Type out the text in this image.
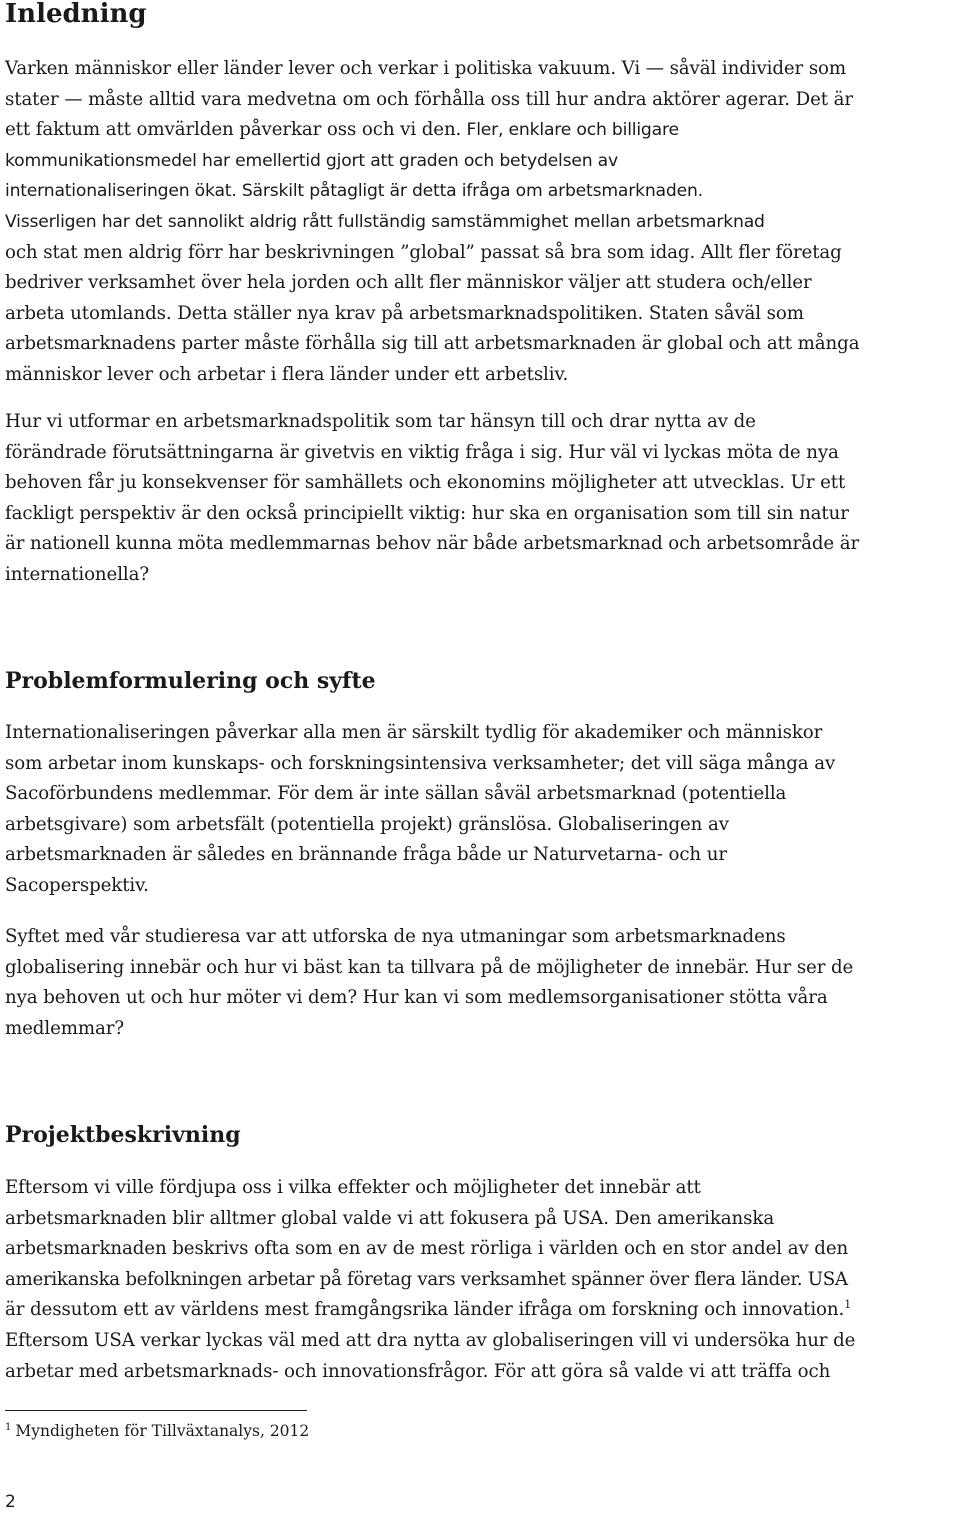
Inledning

Varken människor eller länder lever och verkar i politiska vakuum. Vi — såväl individer som
stater — måste alltid vara medvetna om och förhålla oss till hur andra aktörer agerar. Det är
ett faktum att omvärlden påverkar oss och vi den. Fler, enklare och billigare
kommunikationsmedel har emellertid gjort att graden och betydelsen av
internationaliseringen ökat. Särskilt påtagligt är detta ifråga om arbetsmarknaden.
Visserligen har det sannolikt aldrig rått fullständig samstämmighet mellan arbetsmarknad
och stat men aldrig förr har beskrivningen ”global” passat så bra som idag. Allt fler företag
bedriver verksamhet över hela jorden och allt fler människor väljer att studera och/eller
arbeta utomlands. Detta ställer nya krav på arbetsmarknadspolitiken. Staten såväl som
arbetsmarknadens parter måste förhålla sig till att arbetsmarknaden är global och att många
människor lever och arbetar i flera länder under ett arbetsliv.

Hur vi utformar en arbetsmarknadspolitik som tar hänsyn till och drar nytta av de
förändrade förutsättningarna är givetvis en viktig fråga i sig. Hur väl vi lyckas möta de nya
behoven får ju konsekvenser för samhällets och ekonomins möjligheter att utvecklas. Ur ett
fackligt perspektiv är den också principiellt viktig: hur ska en organisation som till sin natur
är nationell kunna möta medlemmarnas behov när både arbetsmarknad och arbetsområde är
internationella?

Problemformulering och syfte

Internationaliseringen påverkar alla men är särskilt tydlig för akademiker och människor
som arbetar inom kunskaps- och forskningsintensiva verksamheter; det vill säga många av
Sacoförbundens medlemmar. För dem är inte sällan såväl arbetsmarknad (potentiella
arbetsgivare) som arbetsfält (potentiella projekt) gränslösa. Globaliseringen av
arbetsmarknaden är således en brännande fråga både ur Naturvetarna- och ur
Sacoperspektiv.

Syftet med vår studieresa var att utforska de nya utmaningar som arbetsmarknadens
globalisering innebär och hur vi bäst kan ta tillvara på de möjligheter de innebär. Hur ser de
nya behoven ut och hur möter vi dem? Hur kan vi som medlemsorganisationer stötta våra
medlemmar?

Projektbeskrivning

Eftersom vi ville fördjupa oss i vilka effekter och möjligheter det innebär att
arbetsmarknaden blir alltmer global valde vi att fokusera på USA. Den amerikanska
arbetsmarknaden beskrivs ofta som en av de mest rörliga i världen och en stor andel av den
amerikanska befolkningen arbetar på företag vars verksamhet spänner över flera länder. USA
är dessutom ett av världens mest framgångsrika länder ifråga om forskning och innovation.$^1$
Eftersom USA verkar lyckas väl med att dra nytta av globaliseringen vill vi undersöka hur de
arbetar med arbetsmarknads- och innovationsfrågor. För att göra så valde vi att träffa och

$^1$ Myndigheten för Tillväxtanalys, 2012
2
